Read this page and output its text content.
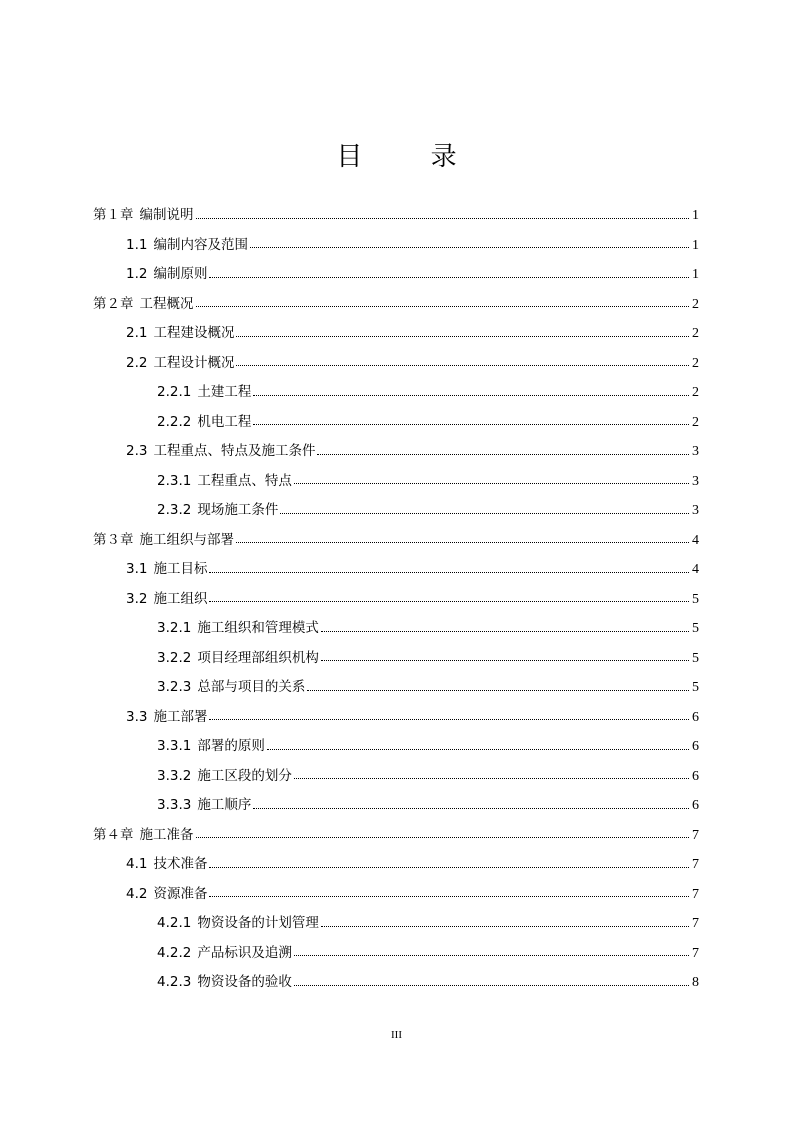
目 录
第１章 编制说明	1
1.1 编制内容及范围	1
1.2 编制原则	1
第２章 工程概况	2
2.1 工程建设概况	2
2.2 工程设计概况	2
2.2.1 土建工程	2
2.2.2 机电工程	2
2.3 工程重点、特点及施工条件	3
2.3.1 工程重点、特点	3
2.3.2 现场施工条件	3
第３章 施工组织与部署	4
3.1 施工目标	4
3.2 施工组织	5
3.2.1 施工组织和管理模式	5
3.2.2 项目经理部组织机构	5
3.2.3 总部与项目的关系	5
3.3 施工部署	6
3.3.1 部署的原则	6
3.3.2 施工区段的划分	6
3.3.3 施工顺序	6
第４章 施工准备	7
4.1 技术准备	7
4.2 资源准备	7
4.2.1 物资设备的计划管理	7
4.2.2 产品标识及追溯	7
4.2.3 物资设备的验收	8
III
